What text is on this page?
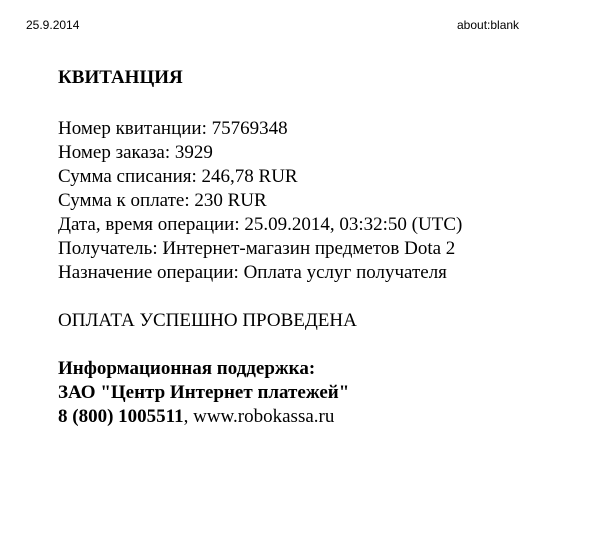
25.9.2014	about:blank
КВИТАНЦИЯ
Номер квитанции: 75769348
Номер заказа: 3929
Сумма списания: 246,78 RUR
Сумма к оплате: 230 RUR
Дата, время операции: 25.09.2014, 03:32:50 (UTC)
Получатель: Интернет-магазин предметов Dota 2
Назначение операции: Оплата услуг получателя
ОПЛАТА УСПЕШНО ПРОВЕДЕНА
Информационная поддержка:
ЗАО "Центр Интернет платежей"
8 (800) 1005511, www.robokassa.ru
